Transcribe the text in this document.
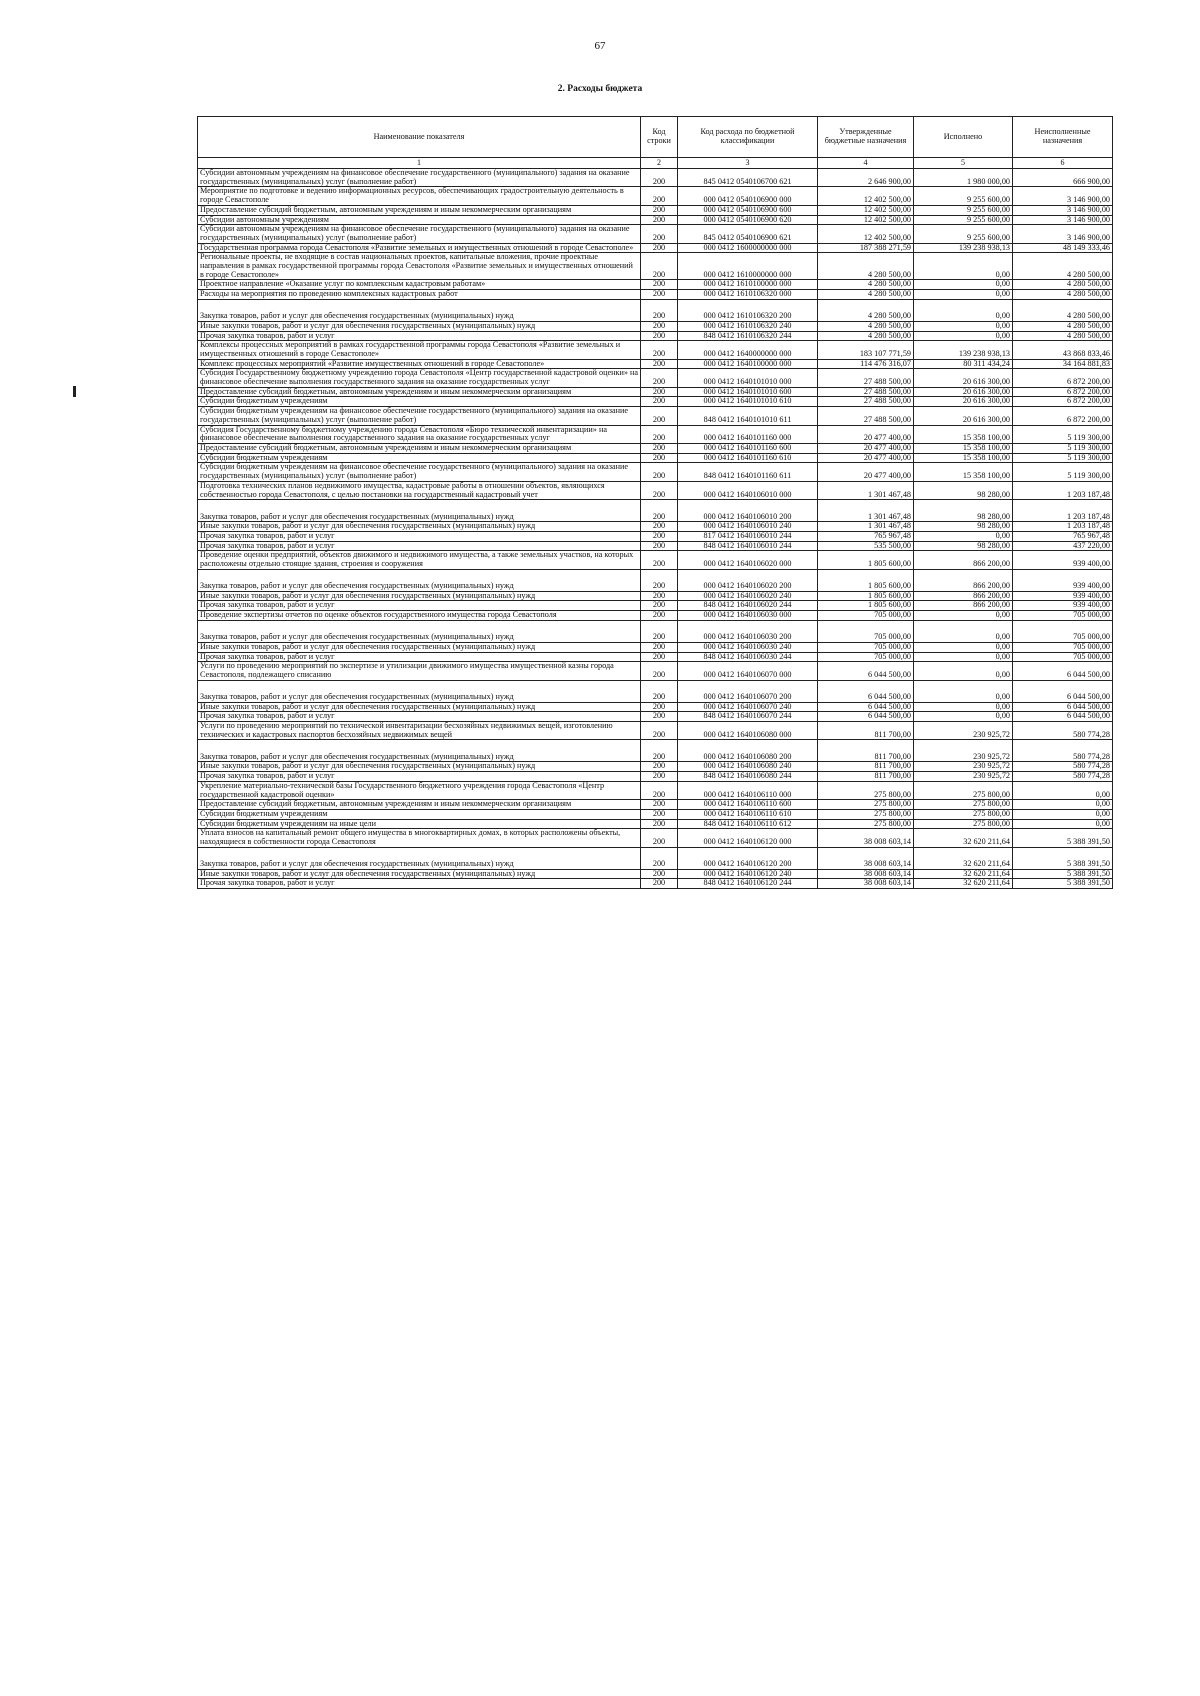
67
2. Расходы бюджета
Наименование показателя	Код строки	Код расхода по бюджетной классификации	Утвержденные бюджетные назначения	Исполнено	Неисполненные назначения
1	2	3	4	5	6
Субсидии автономным учреждениям на финансовое обеспечение государственного (муниципального) задания на оказание государственных (муниципальных) услуг (выполнение работ)	200	845 0412 0540106700 621	2 646 900,00	1 980 000,00	666 900,00
Мероприятие по подготовке и ведению информационных ресурсов, обеспечивающих градостроительную деятельность в городе Севастополе	200	000 0412 0540106900 000	12 402 500,00	9 255 600,00	3 146 900,00
Предоставление субсидий бюджетным, автономным учреждениям и иным некоммерческим организациям	200	000 0412 0540106900 600	12 402 500,00	9 255 600,00	3 146 900,00
Субсидии автономным учреждениям	200	000 0412 0540106900 620	12 402 500,00	9 255 600,00	3 146 900,00
Субсидии автономным учреждениям на финансовое обеспечение государственного (муниципального) задания на оказание государственных (муниципальных) услуг (выполнение работ)	200	845 0412 0540106900 621	12 402 500,00	9 255 600,00	3 146 900,00
Государственная программа города Севастополя «Развитие земельных и имущественных отношений в городе Севастополе»	200	000 0412 1600000000 000	187 388 271,59	139 238 938,13	48 149 333,46
Региональные проекты, не входящие в состав национальных проектов, капитальные вложения, прочие проектные направления в рамках государственной программы города Севастополя «Развитие земельных и имущественных отношений в городе Севастополе»	200	000 0412 1610000000 000	4 280 500,00	0,00	4 280 500,00
Проектное направление «Оказание услуг по комплексным кадастровым работам»	200	000 0412 1610100000 000	4 280 500,00	0,00	4 280 500,00
Расходы на мероприятия по проведению комплексных кадастровых работ	200	000 0412 1610106320 000	4 280 500,00	0,00	4 280 500,00
Закупка товаров, работ и услуг для обеспечения государственных (муниципальных) нужд	200	000 0412 1610106320 200	4 280 500,00	0,00	4 280 500,00
Иные закупки товаров, работ и услуг для обеспечения государственных (муниципальных) нужд	200	000 0412 1610106320 240	4 280 500,00	0,00	4 280 500,00
Прочая закупка товаров, работ и услуг	200	848 0412 1610106320 244	4 280 500,00	0,00	4 280 500,00
Комплексы процессных мероприятий в рамках государственной программы города Севастополя «Развитие земельных и имущественных отношений в городе Севастополе»	200	000 0412 1640000000 000	183 107 771,59	139 238 938,13	43 868 833,46
Комплекс процессных мероприятий «Развитие имущественных отношений в городе Севастополе»	200	000 0412 1640100000 000	114 476 316,07	80 311 434,24	34 164 881,83
Субсидия Государственному бюджетному учреждению города Севастополя «Центр государственной кадастровой оценки» на финансовое обеспечение выполнения государственного задания на оказание государственных услуг	200	000 0412 1640101010 000	27 488 500,00	20 616 300,00	6 872 200,00
Предоставление субсидий бюджетным, автономным учреждениям и иным некоммерческим организациям	200	000 0412 1640101010 600	27 488 500,00	20 616 300,00	6 872 200,00
Субсидии бюджетным учреждениям	200	000 0412 1640101010 610	27 488 500,00	20 616 300,00	6 872 200,00
Субсидии бюджетным учреждениям на финансовое обеспечение государственного (муниципального) задания на оказание государственных (муниципальных) услуг (выполнение работ)	200	848 0412 1640101010 611	27 488 500,00	20 616 300,00	6 872 200,00
Субсидия Государственному бюджетному учреждению города Севастополя «Бюро технической инвентаризации» на финансовое обеспечение выполнения государственного задания на оказание государственных услуг	200	000 0412 1640101160 000	20 477 400,00	15 358 100,00	5 119 300,00
Предоставление субсидий бюджетным, автономным учреждениям и иным некоммерческим организациям	200	000 0412 1640101160 600	20 477 400,00	15 358 100,00	5 119 300,00
Субсидии бюджетным учреждениям	200	000 0412 1640101160 610	20 477 400,00	15 358 100,00	5 119 300,00
Субсидии бюджетным учреждениям на финансовое обеспечение государственного (муниципального) задания на оказание государственных (муниципальных) услуг (выполнение работ)	200	848 0412 1640101160 611	20 477 400,00	15 358 100,00	5 119 300,00
Подготовка технических планов недвижимого имущества, кадастровые работы в отношении объектов, являющихся собственностью города Севастополя, с целью постановки на государственный кадастровый учет	200	000 0412 1640106010 000	1 301 467,48	98 280,00	1 203 187,48
Закупка товаров, работ и услуг для обеспечения государственных (муниципальных) нужд	200	000 0412 1640106010 200	1 301 467,48	98 280,00	1 203 187,48
Иные закупки товаров, работ и услуг для обеспечения государственных (муниципальных) нужд	200	000 0412 1640106010 240	1 301 467,48	98 280,00	1 203 187,48
Прочая закупка товаров, работ и услуг	200	817 0412 1640106010 244	765 967,48	0,00	765 967,48
Прочая закупка товаров, работ и услуг	200	848 0412 1640106010 244	535 500,00	98 280,00	437 220,00
Проведение оценки предприятий, объектов движимого и недвижимого имущества, а также земельных участков, на которых расположены отдельно стоящие здания, строения и сооружения	200	000 0412 1640106020 000	1 805 600,00	866 200,00	939 400,00
Закупка товаров, работ и услуг для обеспечения государственных (муниципальных) нужд	200	000 0412 1640106020 200	1 805 600,00	866 200,00	939 400,00
Иные закупки товаров, работ и услуг для обеспечения государственных (муниципальных) нужд	200	000 0412 1640106020 240	1 805 600,00	866 200,00	939 400,00
Прочая закупка товаров, работ и услуг	200	848 0412 1640106020 244	1 805 600,00	866 200,00	939 400,00
Проведение экспертизы отчетов по оценке объектов государственного имущества города Севастополя	200	000 0412 1640106030 000	705 000,00	0,00	705 000,00
Закупка товаров, работ и услуг для обеспечения государственных (муниципальных) нужд	200	000 0412 1640106030 200	705 000,00	0,00	705 000,00
Иные закупки товаров, работ и услуг для обеспечения государственных (муниципальных) нужд	200	000 0412 1640106030 240	705 000,00	0,00	705 000,00
Прочая закупка товаров, работ и услуг	200	848 0412 1640106030 244	705 000,00	0,00	705 000,00
Услуги по проведению мероприятий по экспертизе и утилизации движимого имущества имущественной казны города Севастополя, подлежащего списанию	200	000 0412 1640106070 000	6 044 500,00	0,00	6 044 500,00
Закупка товаров, работ и услуг для обеспечения государственных (муниципальных) нужд	200	000 0412 1640106070 200	6 044 500,00	0,00	6 044 500,00
Иные закупки товаров, работ и услуг для обеспечения государственных (муниципальных) нужд	200	000 0412 1640106070 240	6 044 500,00	0,00	6 044 500,00
Прочая закупка товаров, работ и услуг	200	848 0412 1640106070 244	6 044 500,00	0,00	6 044 500,00
Услуги по проведению мероприятий по технической инвентаризации бесхозяйных недвижимых вещей, изготовлению технических и кадастровых паспортов бесхозяйных недвижимых вещей	200	000 0412 1640106080 000	811 700,00	230 925,72	580 774,28
Закупка товаров, работ и услуг для обеспечения государственных (муниципальных) нужд	200	000 0412 1640106080 200	811 700,00	230 925,72	580 774,28
Иные закупки товаров, работ и услуг для обеспечения государственных (муниципальных) нужд	200	000 0412 1640106080 240	811 700,00	230 925,72	580 774,28
Прочая закупка товаров, работ и услуг	200	848 0412 1640106080 244	811 700,00	230 925,72	580 774,28
Укрепление материально-технической базы Государственного бюджетного учреждения города Севастополя «Центр государственной кадастровой оценки»	200	000 0412 1640106110 000	275 800,00	275 800,00	0,00
Предоставление субсидий бюджетным, автономным учреждениям и иным некоммерческим организациям	200	000 0412 1640106110 600	275 800,00	275 800,00	0,00
Субсидии бюджетным учреждениям	200	000 0412 1640106110 610	275 800,00	275 800,00	0,00
Субсидии бюджетным учреждениям на иные цели	200	848 0412 1640106110 612	275 800,00	275 800,00	0,00
Уплата взносов на капитальный ремонт общего имущества в многоквартирных домах, в которых расположены объекты, находящиеся в собственности города Севастополя	200	000 0412 1640106120 000	38 008 603,14	32 620 211,64	5 388 391,50
Закупка товаров, работ и услуг для обеспечения государственных (муниципальных) нужд	200	000 0412 1640106120 200	38 008 603,14	32 620 211,64	5 388 391,50
Иные закупки товаров, работ и услуг для обеспечения государственных (муниципальных) нужд	200	000 0412 1640106120 240	38 008 603,14	32 620 211,64	5 388 391,50
Прочая закупка товаров, работ и услуг	200	848 0412 1640106120 244	38 008 603,14	32 620 211,64	5 388 391,50
